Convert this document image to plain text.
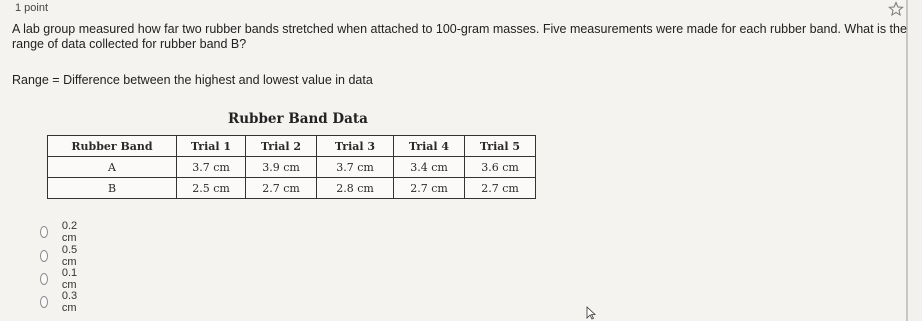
1 point
A lab group measured how far two rubber bands stretched when attached to 100-gram masses. Five measurements were made for each rubber band. What is the range of data collected for rubber band B?
Range = Difference between the highest and lowest value in data
Rubber Band Data
Rubber Band	Trial 1	Trial 2	Trial 3	Trial 4	Trial 5
A	3.7 cm	3.9 cm	3.7 cm	3.4 cm	3.6 cm
B	2.5 cm	2.7 cm	2.8 cm	2.7 cm	2.7 cm
0.2 cm
0.5 cm
0.1 cm
0.3 cm
